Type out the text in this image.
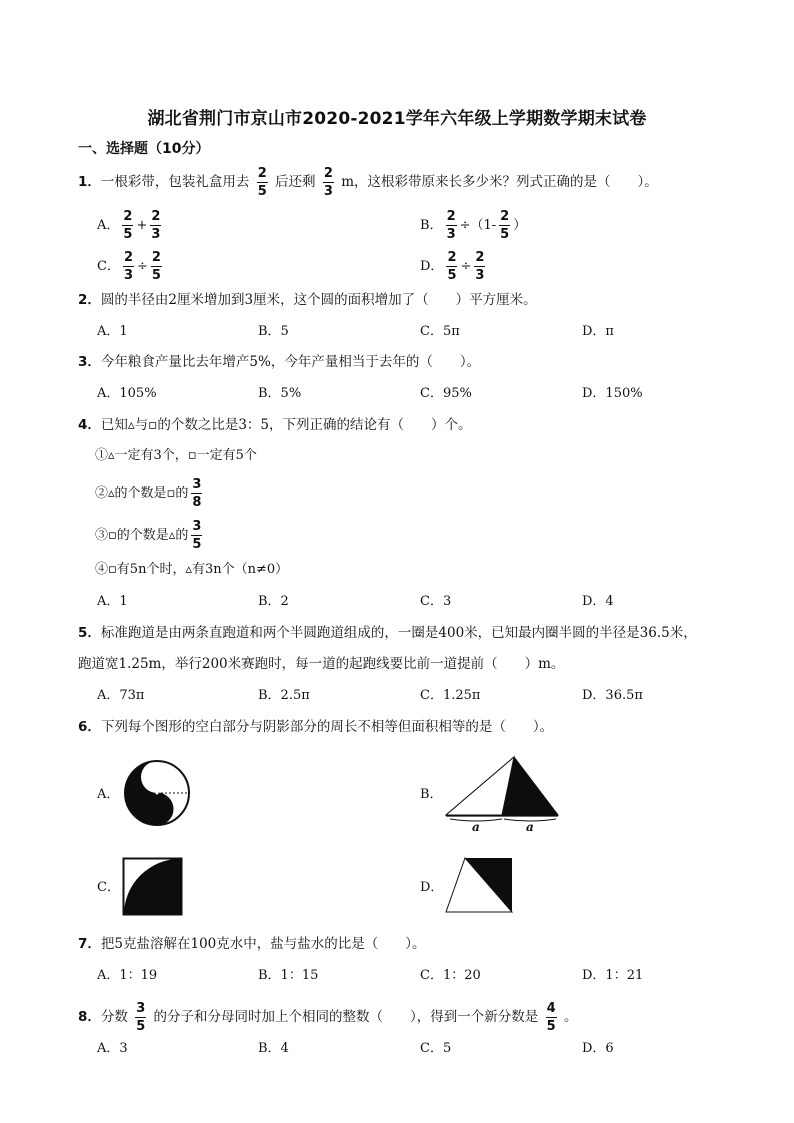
湖北省荆门市京山市2020-2021学年六年级上学期数学期末试卷
一、选择题（10分）
1．一根彩带，包装礼盒用去 $\frac{2}{5}$ 后还剩 $\frac{2}{3}$ m，这根彩带原来长多少米？列式正确的是（　　）。
A． $\frac{2}{5} + \frac{2}{3}$	B． $\frac{2}{3} \div(1- \frac{2}{5}$ ）
C． $\frac{2}{3} \div \frac{2}{5}$	D． $\frac{2}{5} \div \frac{2}{3}$
2．圆的半径由2厘米增加到3厘米，这个圆的面积增加了（　　）平方厘米。
A．1	B．5	C．5π	D．π
3．今年粮食产量比去年增产5%，今年产量相当于去年的（　　）。
A．105%	B．5%	C．95%	D．150%
4．已知▵与▫的个数之比是3：5，下列正确的结论有（　　）个。
①▵一定有3个，▫一定有5个
②▵的个数是▫的 $\frac{3}{8}$
③▫的个数是▵的 $\frac{3}{5}$
④▫有5n个时，▵有3n个（n≠0）
A．1	B．2	C．3	D．4
5．标准跑道是由两条直跑道和两个半圆跑道组成的，一圈是400米，已知最内圈半圆的半径是36.5米，
跑道宽1.25m，举行200米赛跑时，每一道的起跑线要比前一道提前（　　）m。
A．73π	B．2.5π	C．1.25π	D．36.5π
6．下列每个图形的空白部分与阴影部分的周长不相等但面积相等的是（　　）。
A．
O
B．
a	a
C．	D．
7．把5克盐溶解在100克水中，盐与盐水的比是（　　）。
A．1：19	B．1：15	C．1：20	D．1：21
8．分数 $\frac{3}{5}$ 的分子和分母同时加上个相同的整数（　　），得到一个新分数是 $\frac{4}{5}$ 。
A．3	B．4	C．5	D．6
